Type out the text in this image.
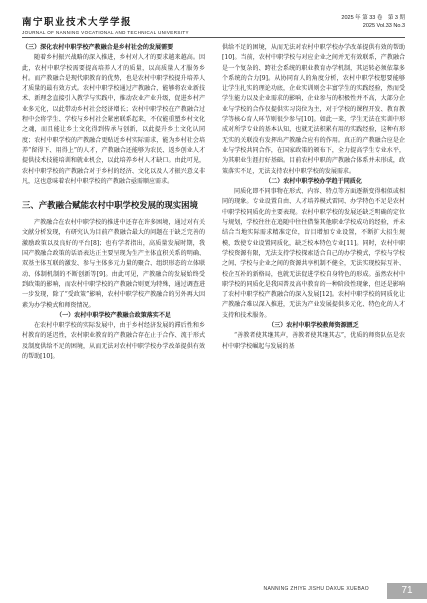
南宁职业技术大学学报
JOURNAL OF NANNING VOCATIONAL AND TECHNICAL UNIVERSITY
2025 年 第 33 卷　第 3 期
2025 Vol.33 No.3
（三）深化农村中职学校产教融合是乡村社会的发展需要

随着乡村振兴战略的深入推进，乡村对人才的要求越来越高。因此，农村中职学校需要提高培养人才的质量，以高质量人才服务乡村。而产教融合是现代职教育的优势，也是农村中职学校提升培养人才质量的最有效方式。农村中职学校通过产教融合，能够将农业新技术、新理念直接引入教学与实践中，推动农业产业升级，促进乡村产业多元化，以此带动乡村社会经济增长；农村中职学校在产教融合过程中会将学生、学校与乡村社会紧密联系起来，不仅能重塑乡村文化之魂，而且能让乡土文化得到传承与创新，以此提升乡土文化认同度；农村中职学校的产教融合更贴近乡村实际需求，能为乡村社会培养“留得下、用得上”的人才，产教融合还能够为农民、返乡创业人才提供技术技能培训和就业机会，以此培养乡村人才缺口。由此可见，农村中职学校的产教融合对于乡村的经济、文化以及人才振兴意义非凡，这也意味着农村中职学校的产教融合亟需顺应需求。

三、产教融合赋能农村中职学校发展的现实困境

产教融合在农村中职学校的推进中还存在许多困境，通过对有关文献分析发现，有研究认为目前产教融合最大的问题在于缺乏完善的激励政策以及良好的平台[8]；也有学者指出，高质量发展时期，我国产教融合政策的话语表达正主要呈现为生产主体直积关系的明确、双基主体互联的激发、参与主体多元力量的聚合、组织形态的立体联动、体制机制的不断创新等[9]。由此可见，产教融合的发展始终受到政策的影响，而农村中职学校的产教融合则更为特殊，通过调查进一步发现，除了“受政策”影响，农村中职学校产教融合的另外再大因素为办学模式和师资情况。

（一）农村中职学校产教融合政策落实不足

在农村中职学校的实际发展中，由于乡村经济发展的滞后性和乡村教育的延迟性，农村职业教育的产教融合存在止于合作、流于形式及制度供给不足的困境，从而无法对农村中职学校办学改革提供有效的帮助[10]。

供给不足的困境，从而无法对农村中职学校办学改革提供有效的帮助[10]。当前，农村中职学校与对应企业之间并无有效联系，产教融合是一个复杂的、跨社会系统的职业教育办学机制，其运转必须依靠多个系统的合力[9]。从协同育人的角度分析，农村中职学校想要能够让学生扎实的理论功底，企业实训则会丰富学生的实践经验，然而受学生能力以及企业需求的影响，企业参与的积极性并不高，大部分企业与学校的合作仅提供实习岗位为主，对于学校的课程开发、教育教学等核心育人环节则很少参与[10]。如此一来，学生无法在实训中形成对所学专业的基本认知，也就无法积累有用的实践经验，这种有形无实的关联没有发挥出产教融合应有的作用。真正的产教融合应是企业与学校共同合作，在国家政策的颁布下，全力提高学生专业水平，为其职业生涯打好基础。目前农村中职的产教融合体系并未形成，政策落实不足，无法支持农村中职学校的发展需求。

（二）农村中职学校办学趋于同质化

同质化即不同事物在形式、内容、特点等方面逐渐变得相似或相同的现象。专业设置自由、人才培养模式雷同、办学特色不足是农村中职学校同质化的主要表现。农村中职学校的发展还缺乏明确的定位与规划，学校往往在追随中往往借鉴其他职业学校成功的经验，并未结合当地实际需求精准定位，盲目增加专业设置，不断扩大招生规模，致使专业设置同质化，缺乏校本特色专业[11]。同时，农村中职学校资源有限，无法支持学校探索适合自己的办学模式，学校与学校之间、学校与企业之间的资源共享机制不健全，无法实现校际互补、校企互补的新格局，也就无法促进学校自身特色的形成。虽然农村中职学校的同质化是我国普及高中教育的一种阶段性现象，但还是影响了农村中职学校产教融合的深入发展[12]。农村中职学校的同质化让产教融合难以深入推进，无法为产业发展提供多元化、特色化的人才支持和技术服务。

（三）农村中职学校教师资源匮乏

“善教者使其继其声，善教者使其继其志”，优质的师资队伍是农村中职学校崛起与发展的基

NANNING ZHIYE JISHU DAXUE XUEBAO	71
